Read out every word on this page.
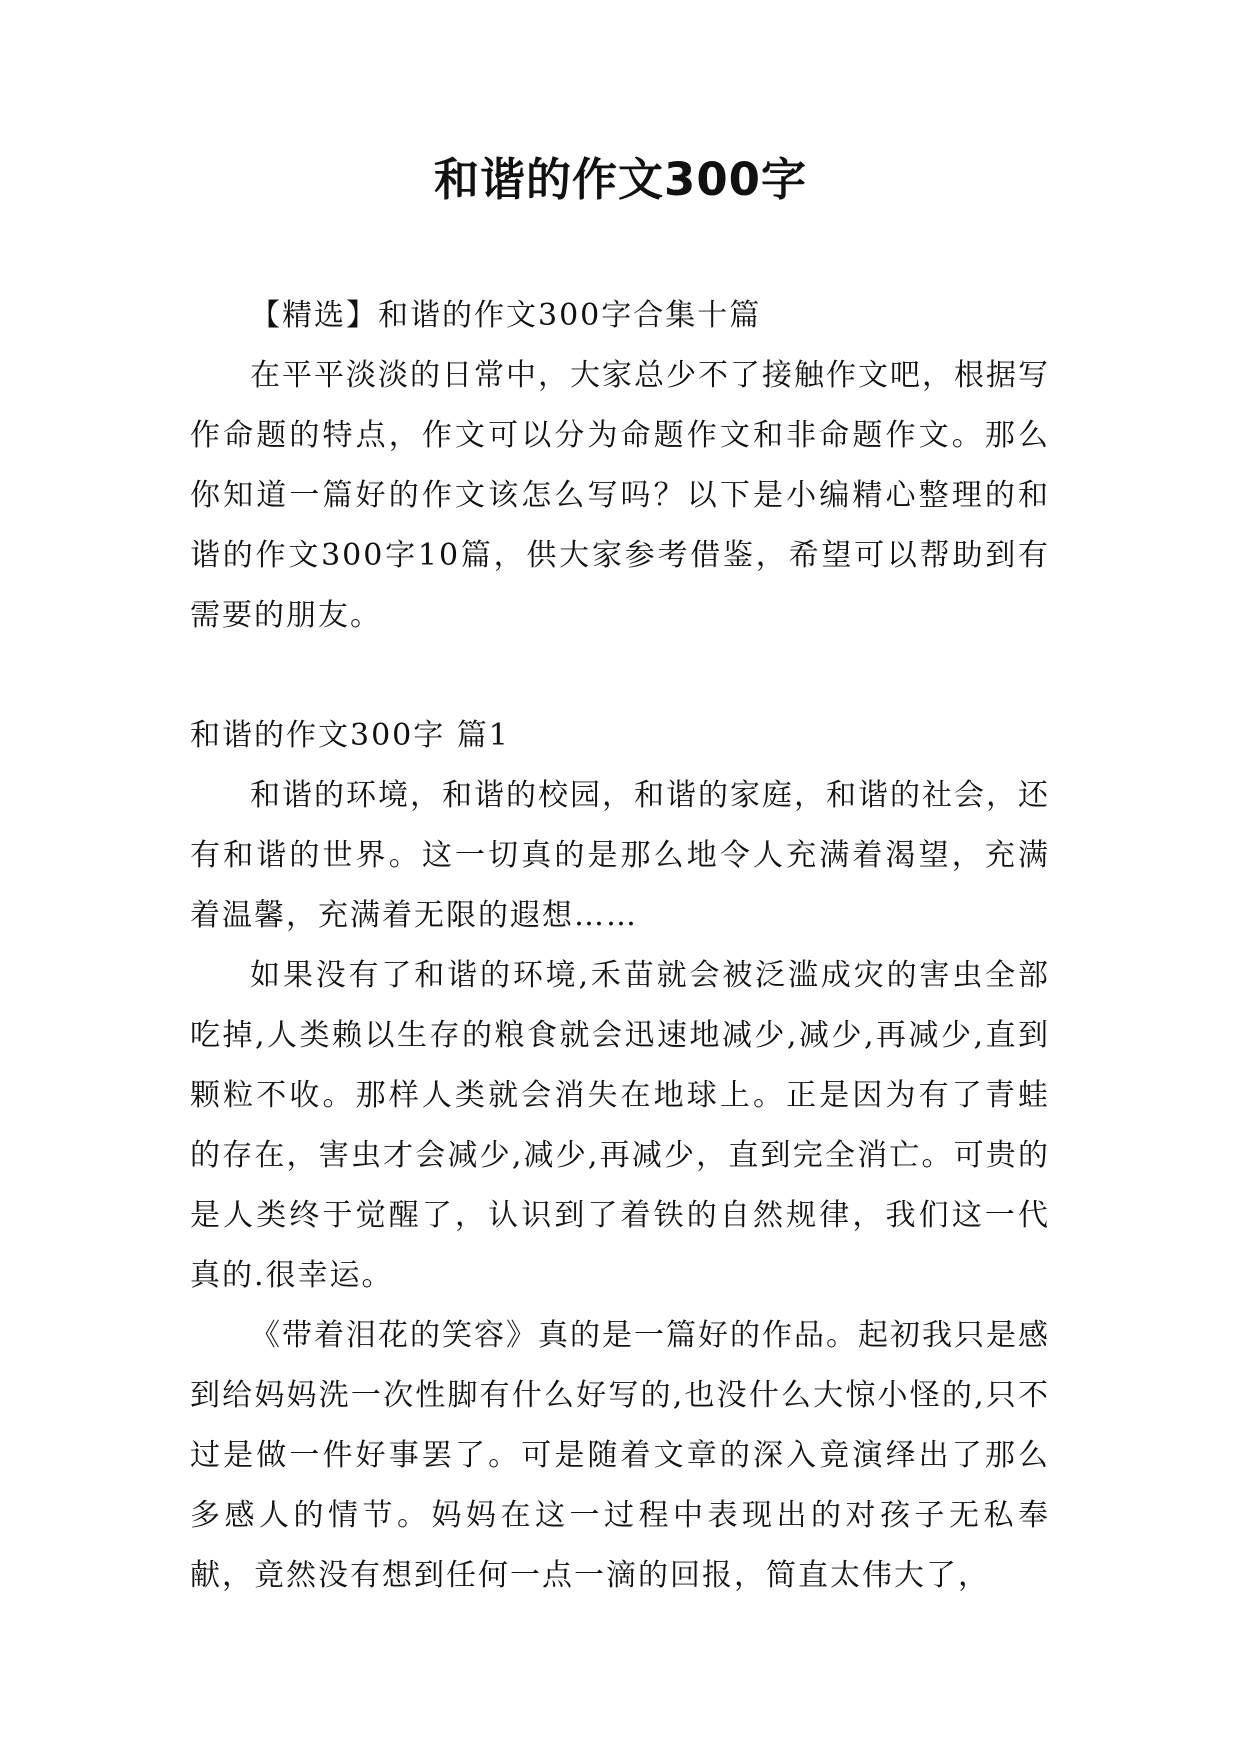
和谐的作文300字

【精选】和谐的作文300字合集十篇

在平平淡淡的日常中，大家总少不了接触作文吧，根据写作命题的特点，作文可以分为命题作文和非命题作文。那么你知道一篇好的作文该怎么写吗？以下是小编精心整理的和谐的作文300字10篇，供大家参考借鉴，希望可以帮助到有需要的朋友。

和谐的作文300字 篇1

和谐的环境，和谐的校园，和谐的家庭，和谐的社会，还有和谐的世界。这一切真的是那么地令人充满着渴望，充满着温馨，充满着无限的遐想……

如果没有了和谐的环境,禾苗就会被泛滥成灾的害虫全部吃掉,人类赖以生存的粮食就会迅速地减少,减少,再减少,直到颗粒不收。那样人类就会消失在地球上。正是因为有了青蛙的存在，害虫才会减少,减少,再减少，直到完全消亡。可贵的是人类终于觉醒了，认识到了着铁的自然规律，我们这一代真的.很幸运。

《带着泪花的笑容》真的是一篇好的作品。起初我只是感到给妈妈洗一次性脚有什么好写的,也没什么大惊小怪的,只不过是做一件好事罢了。可是随着文章的深入竟演绎出了那么多感人的情节。妈妈在这一过程中表现出的对孩子无私奉献，竟然没有想到任何一点一滴的回报，简直太伟大了，
